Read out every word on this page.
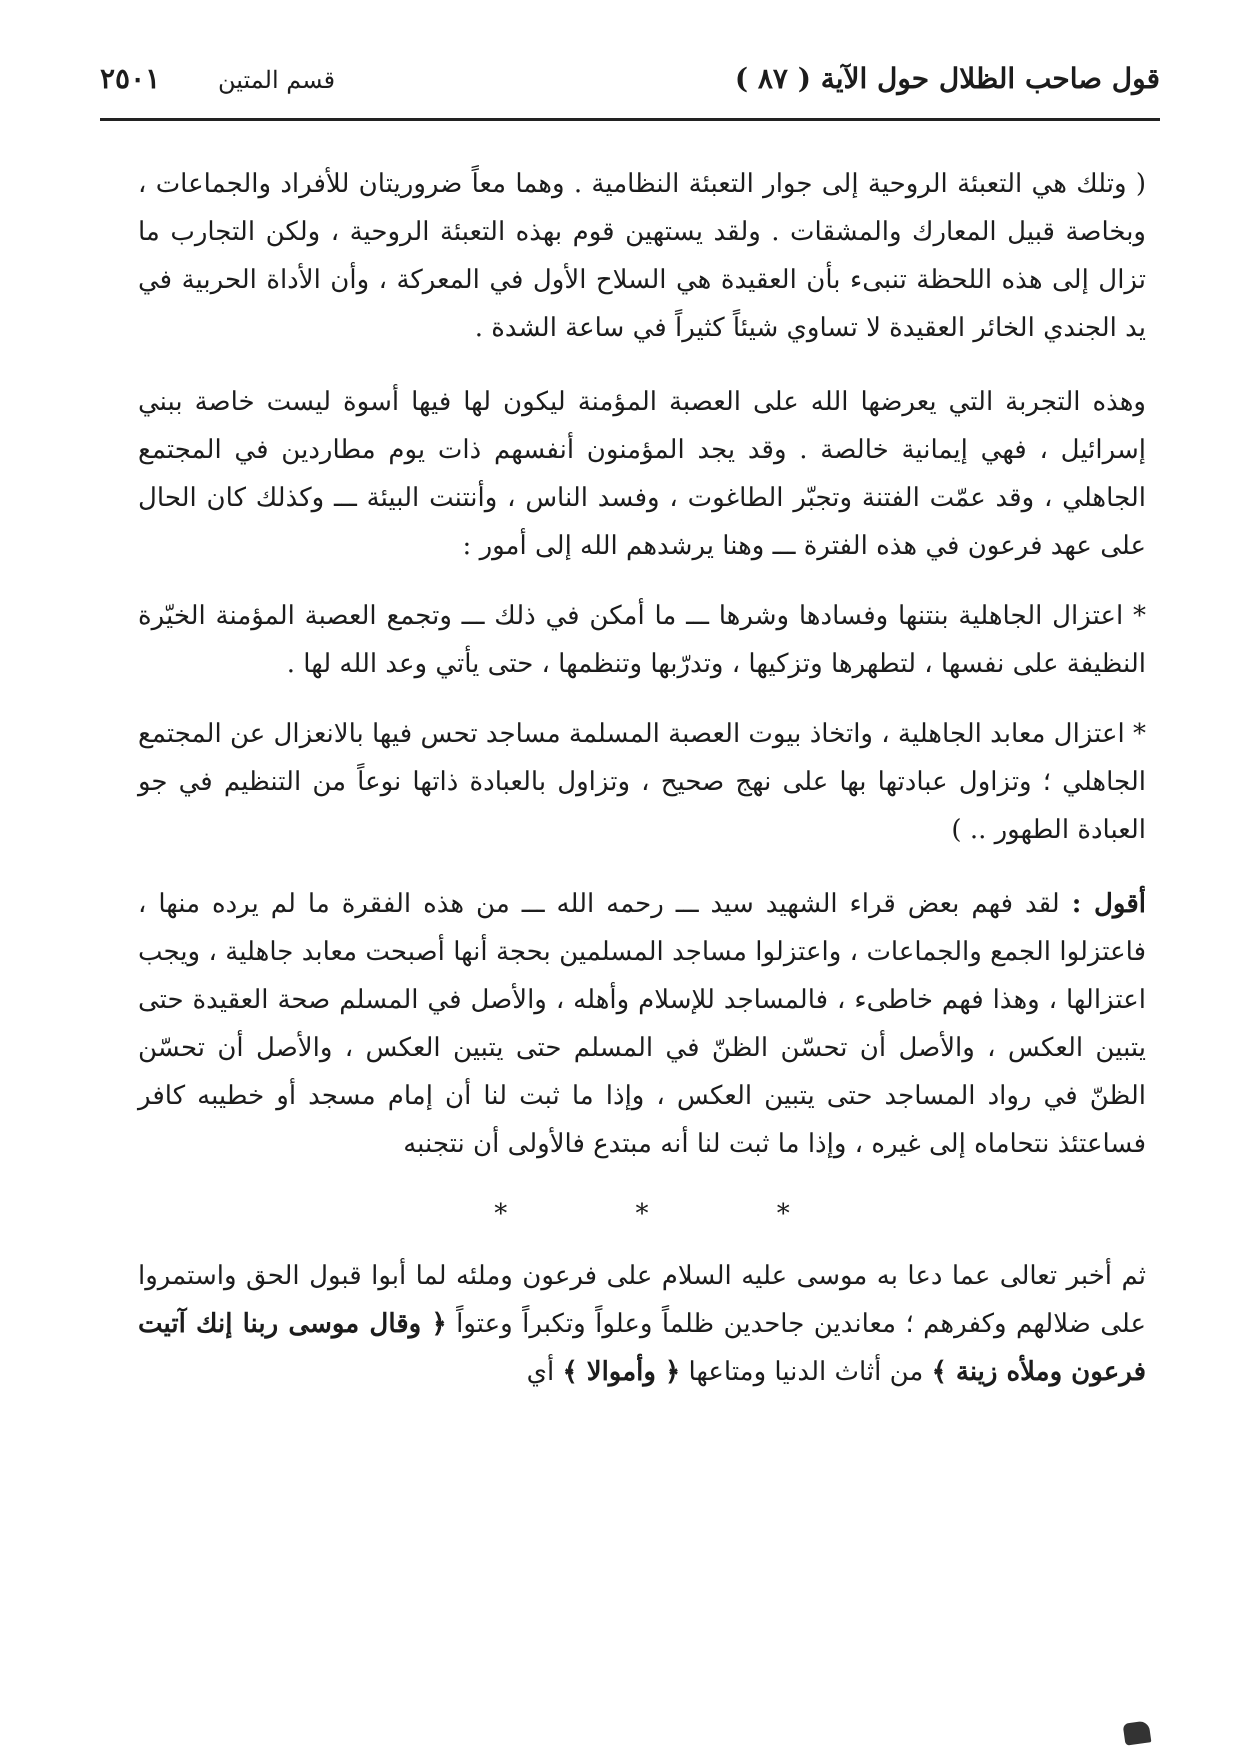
قول صاحب الظلال حول الآية ( ٨٧ )
قسم المتين
٢٥٠١

( وتلك هي التعبئة الروحية إلى جوار التعبئة النظامية . وهما معاً ضروريتان للأفراد والجماعات ، وبخاصة قبيل المعارك والمشقات . ولقد يستهين قوم بهذه التعبئة الروحية ، ولكن التجارب ما تزال إلى هذه اللحظة تنبىء بأن العقيدة هي السلاح الأول في المعركة ، وأن الأداة الحربية في يد الجندي الخائر العقيدة لا تساوي شيئاً كثيراً في ساعة الشدة .

وهذه التجربة التي يعرضها الله على العصبة المؤمنة ليكون لها فيها أسوة ليست خاصة ببني إسرائيل ، فهي إيمانية خالصة . وقد يجد المؤمنون أنفسهم ذات يوم مطاردين في المجتمع الجاهلي ، وقد عمّت الفتنة وتجبّر الطاغوت ، وفسد الناس ، وأنتنت البيئة ـــ وكذلك كان الحال على عهد فرعون في هذه الفترة ـــ وهنا يرشدهم الله إلى أمور :

* اعتزال الجاهلية بنتنها وفسادها وشرها ـــ ما أمكن في ذلك ـــ وتجمع العصبة المؤمنة الخيّرة النظيفة على نفسها ، لتطهرها وتزكيها ، وتدرّبها وتنظمها ، حتى يأتي وعد الله لها .

* اعتزال معابد الجاهلية ، واتخاذ بيوت العصبة المسلمة مساجد تحس فيها بالانعزال عن المجتمع الجاهلي ؛ وتزاول عبادتها بها على نهج صحيح ، وتزاول بالعبادة ذاتها نوعاً من التنظيم في جو العبادة الطهور .. )

أقول : لقد فهم بعض قراء الشهيد سيد ـــ رحمه الله ـــ من هذه الفقرة ما لم يرده منها ، فاعتزلوا الجمع والجماعات ، واعتزلوا مساجد المسلمين بحجة أنها أصبحت معابد جاهلية ، ويجب اعتزالها ، وهذا فهم خاطىء ، فالمساجد للإسلام وأهله ، والأصل في المسلم صحة العقيدة حتى يتبين العكس ، والأصل أن تحسّن الظنّ في المسلم حتى يتبين العكس ، والأصل أن تحسّن الظنّ في رواد المساجد حتى يتبين العكس ، وإذا ما ثبت لنا أن إمام مسجد أو خطيبه كافر فساعتئذ نتحاماه إلى غيره ، وإذا ما ثبت لنا أنه مبتدع فالأولى أن نتجنبه

* * *

ثم أخبر تعالى عما دعا به موسى عليه السلام على فرعون وملئه لما أبوا قبول الحق واستمروا على ضلالهم وكفرهم ؛ معاندين جاحدين ظلماً وعلواً وتكبراً وعتواً ﴿ وقال موسى ربنا إنك آتيت فرعون وملأه زينة ﴾ من أثاث الدنيا ومتاعها ﴿ وأموالا ﴾ أي
